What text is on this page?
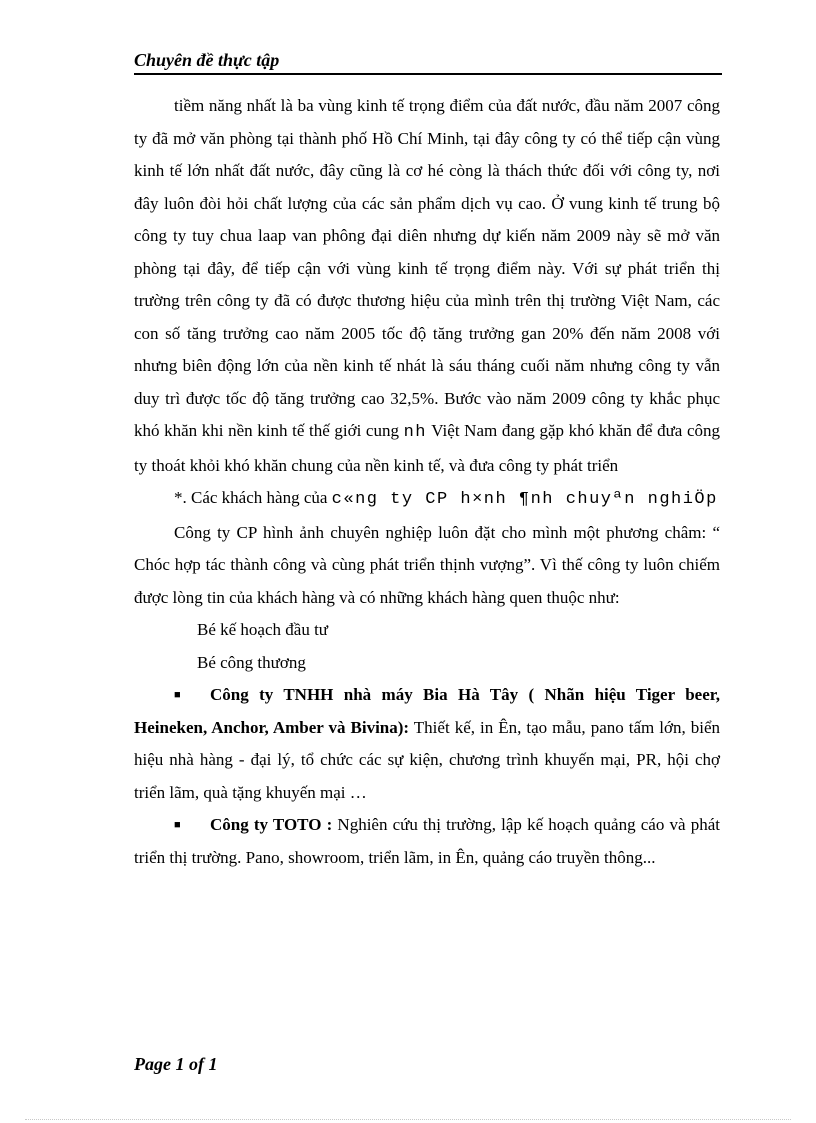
Chuyên đề thực tập

tiềm năng nhất là ba vùng kinh tế trọng điểm của đất nước, đầu năm 2007 công ty đã mở văn phòng tại thành phố Hồ Chí Minh, tại đây công ty có thể tiếp cận vùng kinh tế lớn nhất đất nước, đây cũng là cơ hé còng là thách thức đối với công ty, nơi đây luôn đòi hỏi chất lượng của các sản phẩm dịch vụ cao. Ở vung kinh tế trung bộ công ty tuy chua laap van phông đại diên nhưng dự kiến năm 2009 này sẽ mở văn phòng tại đây, để tiếp cận với vùng kinh tế trọng điểm này. Với sự phát triển thị trường trên công ty đã có được thương hiệu của mình trên thị trường Việt Nam, các con số tăng trưởng cao năm 2005 tốc độ tăng trưởng gan 20% đến năm 2008 với nhưng biên động lớn của nền kinh tế nhát là sáu tháng cuối năm nhưng công ty vẫn duy trì được tốc độ tăng trưởng cao 32,5%. Bước vào năm 2009 công ty khắc phục khó khăn khi nền kinh tế thế giới cung nh Việt Nam đang gặp khó khăn để đưa công ty thoát khỏi khó khăn chung của nền kinh tế, và đưa công ty phát triển

*. Các khách hàng của c«ng ty CP h×nh ¶nh chuyªn nghiÖp

Công ty CP hình ảnh chuyên nghiệp luôn đặt cho mình một phương châm: “ Chóc hợp tác thành công và cùng phát triển thịnh vượng”. Vì thế công ty luôn chiếm được lòng tin của khách hàng và có những khách hàng quen thuộc như:

Bé kế hoạch đầu tư

Bé công thương

■ Công ty TNHH nhà máy Bia Hà Tây ( Nhãn hiệu Tiger beer, Heineken, Anchor, Amber và Bivina): Thiết kế, in Ên, tạo mẫu, pano tấm lớn, biển hiệu nhà hàng - đại lý, tổ chức các sự kiện, chương trình khuyến mại, PR, hội chợ triển lãm, quà tặng khuyến mại …

■ Công ty TOTO : Nghiên cứu thị trường, lập kế hoạch quảng cáo và phát triển thị trường. Pano, showroom, triển lãm, in Ên, quảng cáo truyền thông...

Page 1 of 1
